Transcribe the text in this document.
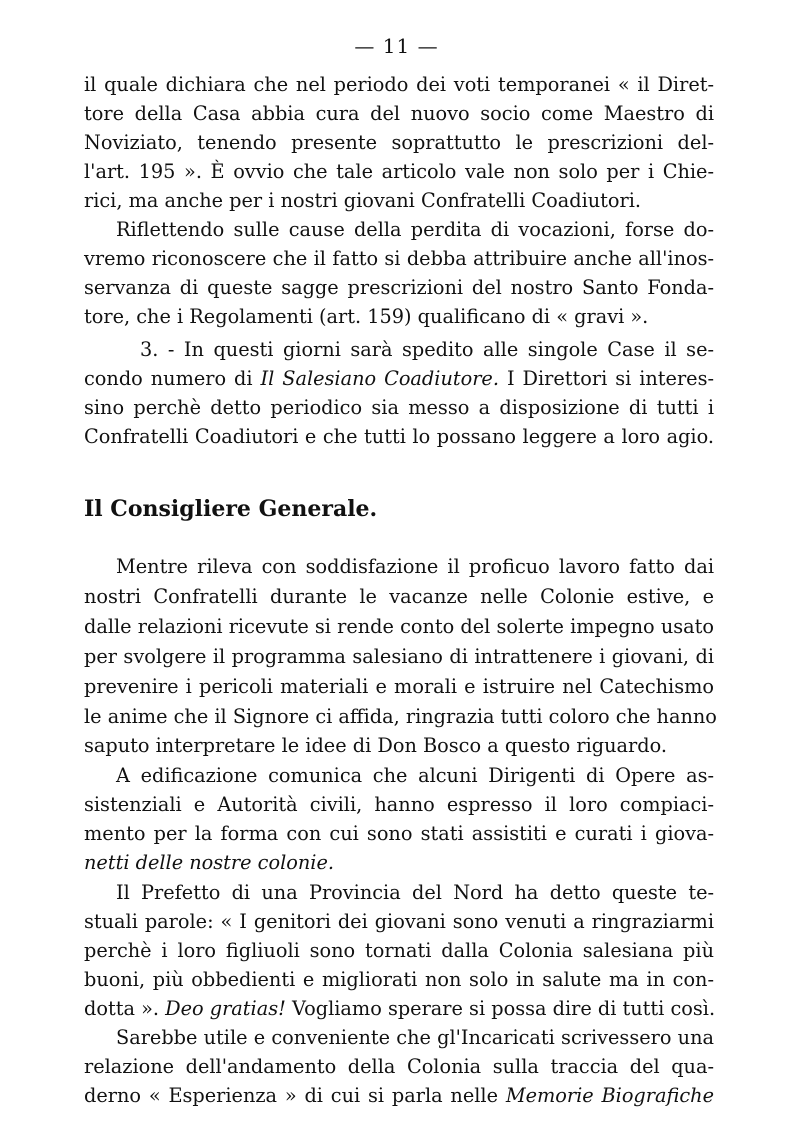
— 11 —
il quale dichiara che nel periodo dei voti temporanei « il Diret-
tore della Casa abbia cura del nuovo socio come Maestro di
Noviziato, tenendo presente soprattutto le prescrizioni del-
l'art. 195 ». È ovvio che tale articolo vale non solo per i Chie-
rici, ma anche per i nostri giovani Confratelli Coadiutori.
Riflettendo sulle cause della perdita di vocazioni, forse do-
vremo riconoscere che il fatto si debba attribuire anche all'inos-
servanza di queste sagge prescrizioni del nostro Santo Fonda-
tore, che i Regolamenti (art. 159) qualificano di « gravi ».
3. - In questi giorni sarà spedito alle singole Case il se-
condo numero di Il Salesiano Coadiutore. I Direttori si interes-
sino perchè detto periodico sia messo a disposizione di tutti i
Confratelli Coadiutori e che tutti lo possano leggere a loro agio.
Il Consigliere Generale.
Mentre rileva con soddisfazione il proficuo lavoro fatto dai
nostri Confratelli durante le vacanze nelle Colonie estive, e
dalle relazioni ricevute si rende conto del solerte impegno usato
per svolgere il programma salesiano di intrattenere i giovani, di
prevenire i pericoli materiali e morali e istruire nel Catechismo
le anime che il Signore ci affida, ringrazia tutti coloro che hanno
saputo interpretare le idee di Don Bosco a questo riguardo.
A edificazione comunica che alcuni Dirigenti di Opere as-
sistenziali e Autorità civili, hanno espresso il loro compiaci-
mento per la forma con cui sono stati assistiti e curati i giova-
netti delle nostre colonie.
Il Prefetto di una Provincia del Nord ha detto queste te-
stuali parole: « I genitori dei giovani sono venuti a ringraziarmi
perchè i loro figliuoli sono tornati dalla Colonia salesiana più
buoni, più obbedienti e migliorati non solo in salute ma in con-
dotta ». Deo gratias! Vogliamo sperare si possa dire di tutti così.
Sarebbe utile e conveniente che gl'Incaricati scrivessero una
relazione dell'andamento della Colonia sulla traccia del qua-
derno « Esperienza » di cui si parla nelle Memorie Biografiche
